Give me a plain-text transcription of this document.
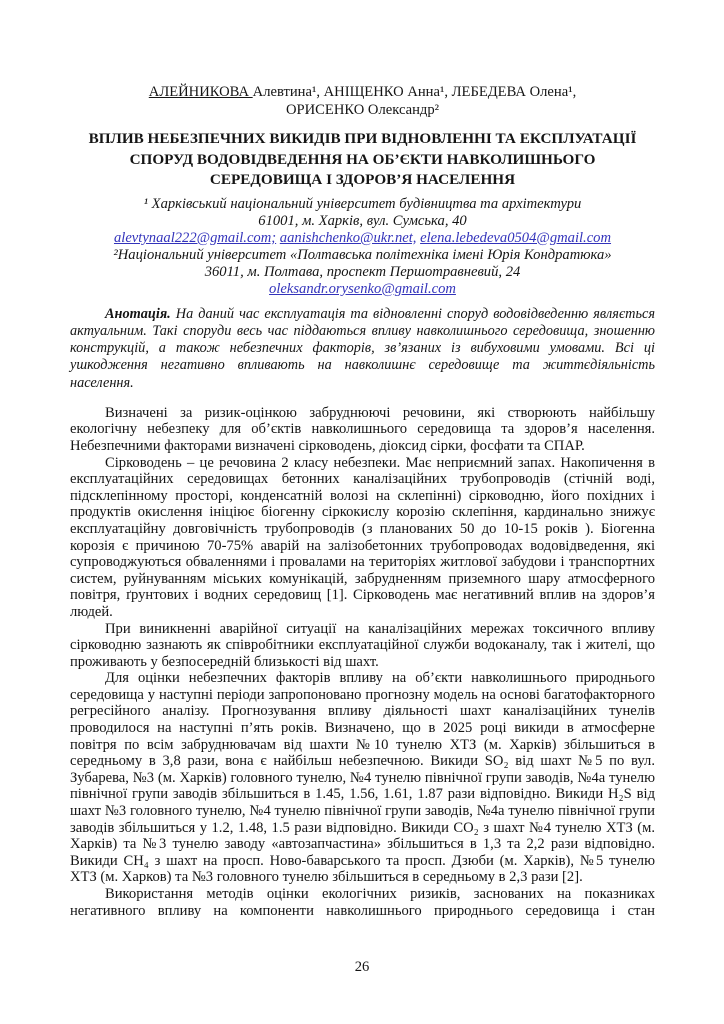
АЛЕЙНИКОВА Алевтина¹, АНІЩЕНКО Анна¹, ЛЕБЕДЕВА Олена¹,
ОРИСЕНКО Олександр²
ВПЛИВ НЕБЕЗПЕЧНИХ ВИКИДІВ ПРИ ВІДНОВЛЕННІ ТА ЕКСПЛУАТАЦІЇ
СПОРУД ВОДОВІДВЕДЕННЯ НА ОБ’ЄКТИ НАВКОЛИШНЬОГО
СЕРЕДОВИЩА І ЗДОРОВ’Я НАСЕЛЕННЯ
¹ Харківський національний університет будівництва та архітектури
61001, м. Харків, вул. Сумська, 40
alevtynaal222@gmail.com; aanishchenko@ukr.net, elena.lebedeva0504@gmail.com
²Національний університет «Полтавська політехніка імені Юрія Кондратюка»
36011, м. Полтава, проспект Першотравневий, 24
oleksandr.orysenko@gmail.com
Анотація. На даний час експлуатація та відновленні споруд водовідведенню являється актуальним. Такі споруди весь час піддаються впливу навколишнього середовища, зношенню конструкцій, а також небезпечних факторів, зв’язаних із вибуховими умовами. Всі ці ушкодження негативно впливають на навколишнє середовище та життєдіяльність населення.

Визначені за ризик-оцінкою забруднюючі речовини, які створюють найбільшу екологічну небезпеку для об’єктів навколишнього середовища та здоров’я населення. Небезпечними факторами визначені сірководень, діоксид сірки, фосфати та СПАР.

Сірководень – це речовина 2 класу небезпеки. Має неприємний запах. Накопичення в експлуатаційних середовищах бетонних каналізаційних трубопроводів (стічній воді, підсклепінному просторі, конденсатній волозі на склепінні) сірководню, його похідних і продуктів окислення ініціює біогенну сіркокислу корозію склепіння, кардинально знижує експлуатаційну довговічність трубопроводів (з планованих 50 до 10-15 років ). Біогенна корозія є причиною 70-75% аварій на залізобетонних трубопроводах водовідведення, які супроводжуються обваленнями і провалами на територіях житлової забудови і транспортних систем, руйнуванням міських комунікацій, забрудненням приземного шару атмосферного повітря, ґрунтових і водних середовищ [1]. Сірководень має негативний вплив на здоров’я людей.

При виникненні аварійної ситуації на каналізаційних мережах токсичного впливу сірководню зазнають як співробітники експлуатаційної служби водоканалу, так і жителі, що проживають у безпосередній близькості від шахт.

Для оцінки небезпечних факторів впливу на об’єкти навколишнього природнього середовища у наступні періоди запропоновано прогнозну модель на основі багатофакторного регресійного аналізу. Прогнозування впливу діяльності шахт каналізаційних тунелів проводилося на наступні п’ять років. Визначено, що в 2025 році викиди в атмосферне повітря по всім забруднювачам від шахти №10 тунелю ХТЗ (м. Харків) збільшиться в середньому в 3,8 рази, вона є найбільш небезпечною. Викиди SO₂ від шахт №5 по вул. Зубарева, №3 (м. Харків) головного тунелю, №4 тунелю північної групи заводів, №4а тунелю північної групи заводів збільшиться в 1.45, 1.56, 1.61, 1.87 рази відповідно. Викиди H₂S від шахт №3 головного тунелю, №4 тунелю північної групи заводів, №4а тунелю північної групи заводів збільшиться у 1.2, 1.48, 1.5 рази відповідно. Викиди CO₂ з шахт №4 тунелю ХТЗ (м. Харків) та №3 тунелю заводу «автозапчастина» збільшиться в 1,3 та 2,2 рази відповідно. Викиди CH₄ з шахт на просп. Ново-баварського та просп. Дзюби (м. Харків), №5 тунелю ХТЗ (м. Харков) та №3 головного тунелю збільшиться в середньому в 2,3 рази [2].

Використання методів оцінки екологічних ризиків, заснованих на показниках негативного впливу на компоненти навколишнього природнього середовища і стан

26
